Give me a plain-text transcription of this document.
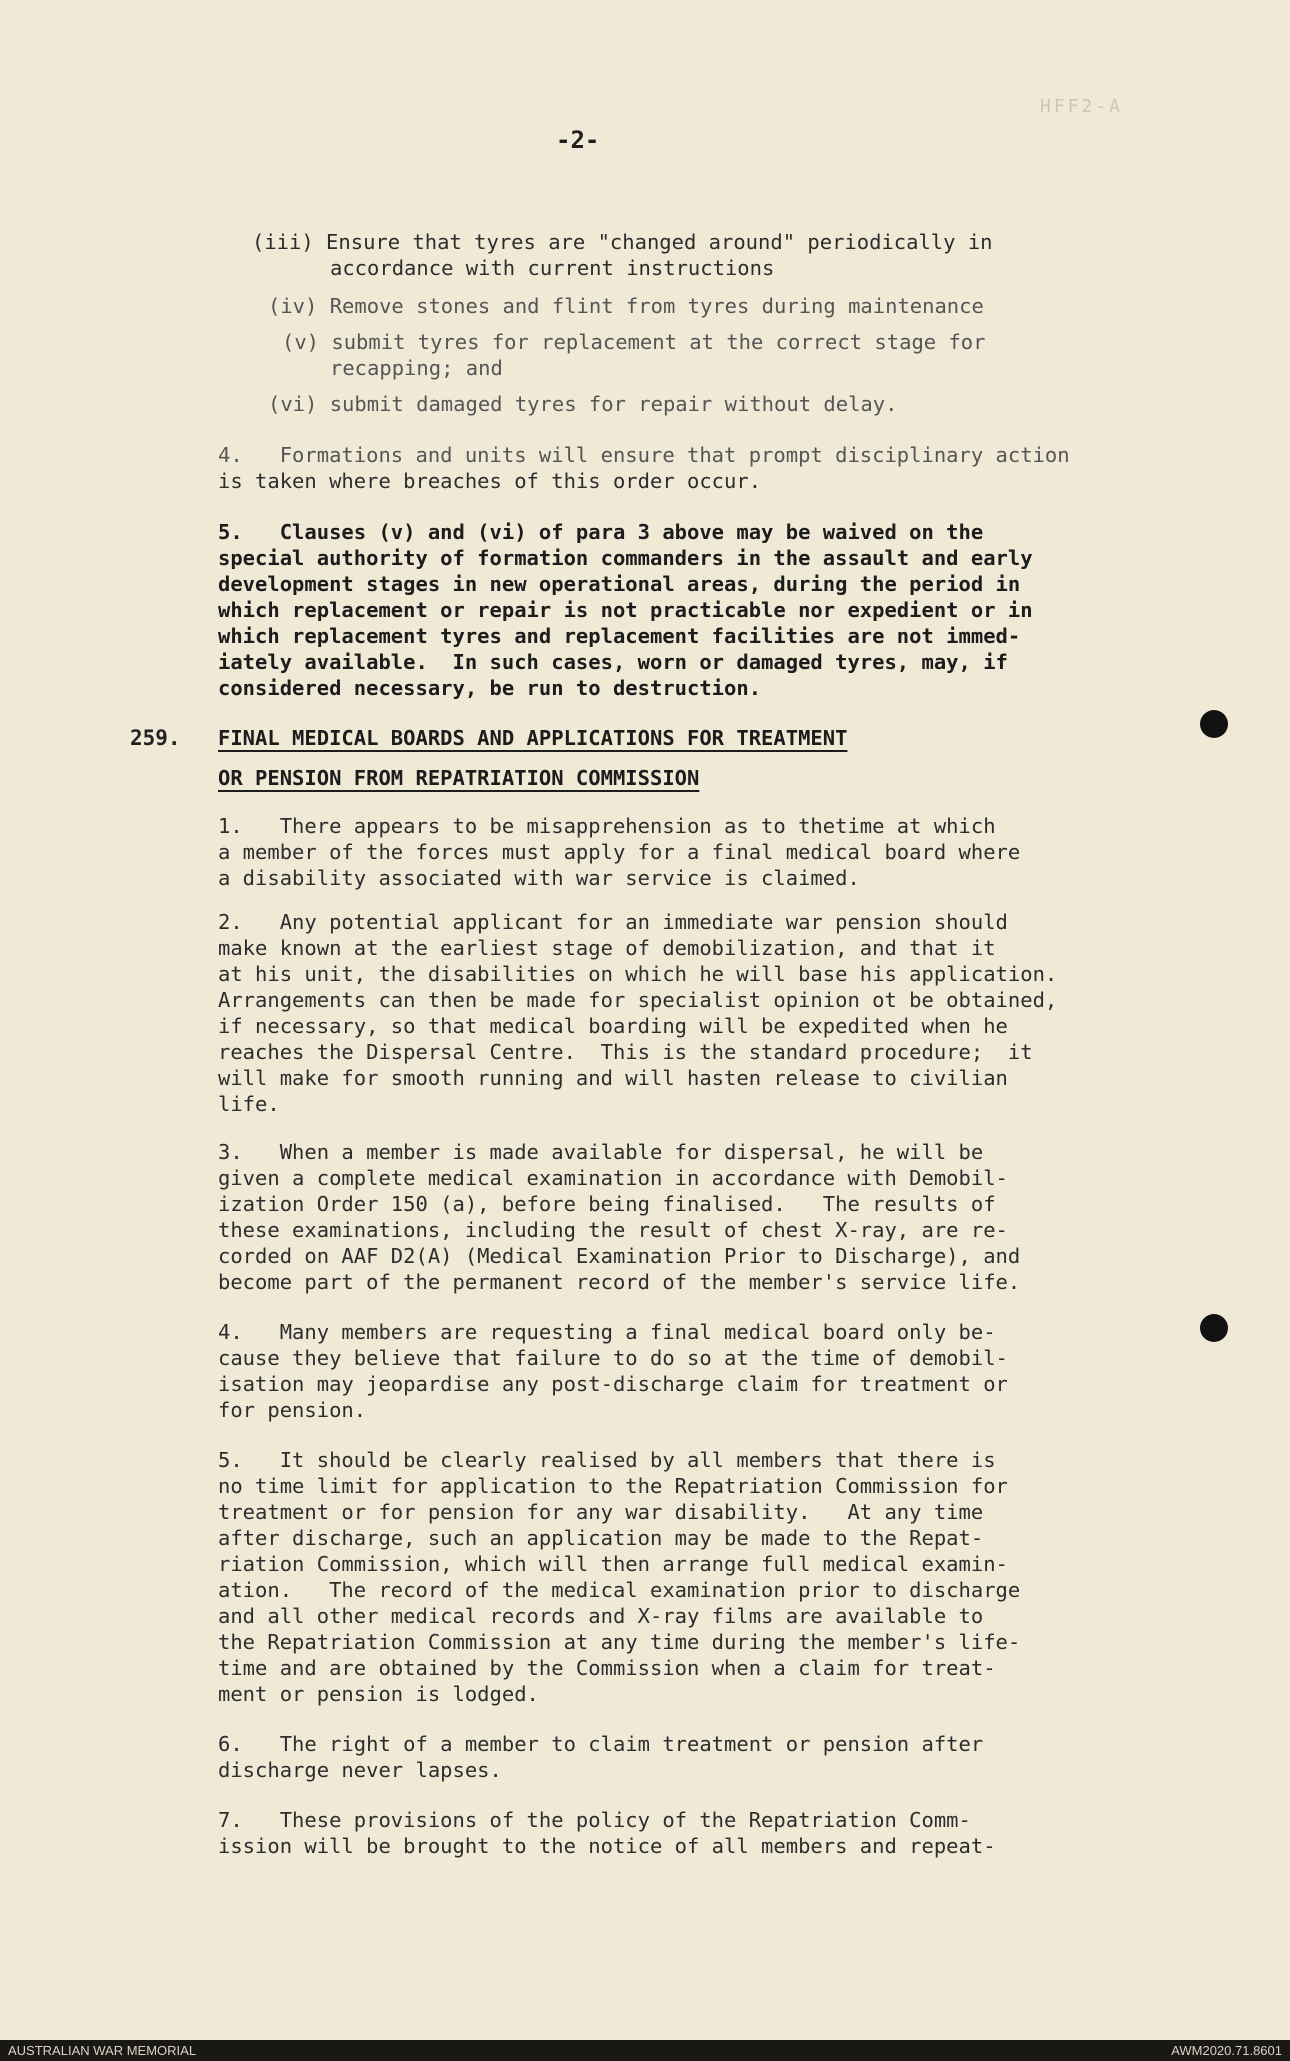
HFF2-A
-2-
(iii) Ensure that tyres are "changed around" periodically in
accordance with current instructions
(iv) Remove stones and flint from tyres during maintenance
(v) submit tyres for replacement at the correct stage for
recapping; and
(vi) submit damaged tyres for repair without delay.
4.   Formations and units will ensure that prompt disciplinary action
is taken where breaches of this order occur.
5.   Clauses (v) and (vi) of para 3 above may be waived on the
special authority of formation commanders in the assault and early
development stages in new operational areas, during the period in
which replacement or repair is not practicable nor expedient or in
which replacement tyres and replacement facilities are not immed-
iately available.  In such cases, worn or damaged tyres, may, if
considered necessary, be run to destruction.
259. FINAL MEDICAL BOARDS AND APPLICATIONS FOR TREATMENT
OR PENSION FROM REPATRIATION COMMISSION
1.   There appears to be misapprehension as to thetime at which
a member of the forces must apply for a final medical board where
a disability associated with war service is claimed.
2.   Any potential applicant for an immediate war pension should
make known at the earliest stage of demobilization, and that it
at his unit, the disabilities on which he will base his application.
Arrangements can then be made for specialist opinion ot be obtained,
if necessary, so that medical boarding will be expedited when he
reaches the Dispersal Centre.  This is the standard procedure;  it
will make for smooth running and will hasten release to civilian
life.
3.   When a member is made available for dispersal, he will be
given a complete medical examination in accordance with Demobil-
ization Order 150 (a), before being finalised.   The results of
these examinations, including the result of chest X-ray, are re-
corded on AAF D2(A) (Medical Examination Prior to Discharge), and
become part of the permanent record of the member's service life.
4.   Many members are requesting a final medical board only be-
cause they believe that failure to do so at the time of demobil-
isation may jeopardise any post-discharge claim for treatment or
for pension.
5.   It should be clearly realised by all members that there is
no time limit for application to the Repatriation Commission for
treatment or for pension for any war disability.   At any time
after discharge, such an application may be made to the Repat-
riation Commission, which will then arrange full medical examin-
ation.   The record of the medical examination prior to discharge
and all other medical records and X-ray films are available to
the Repatriation Commission at any time during the member's life-
time and are obtained by the Commission when a claim for treat-
ment or pension is lodged.
6.   The right of a member to claim treatment or pension after
discharge never lapses.
7.   These provisions of the policy of the Repatriation Comm-
ission will be brought to the notice of all members and repeat-
AUSTRALIAN WAR MEMORIAL	AWM2020.71.8601
